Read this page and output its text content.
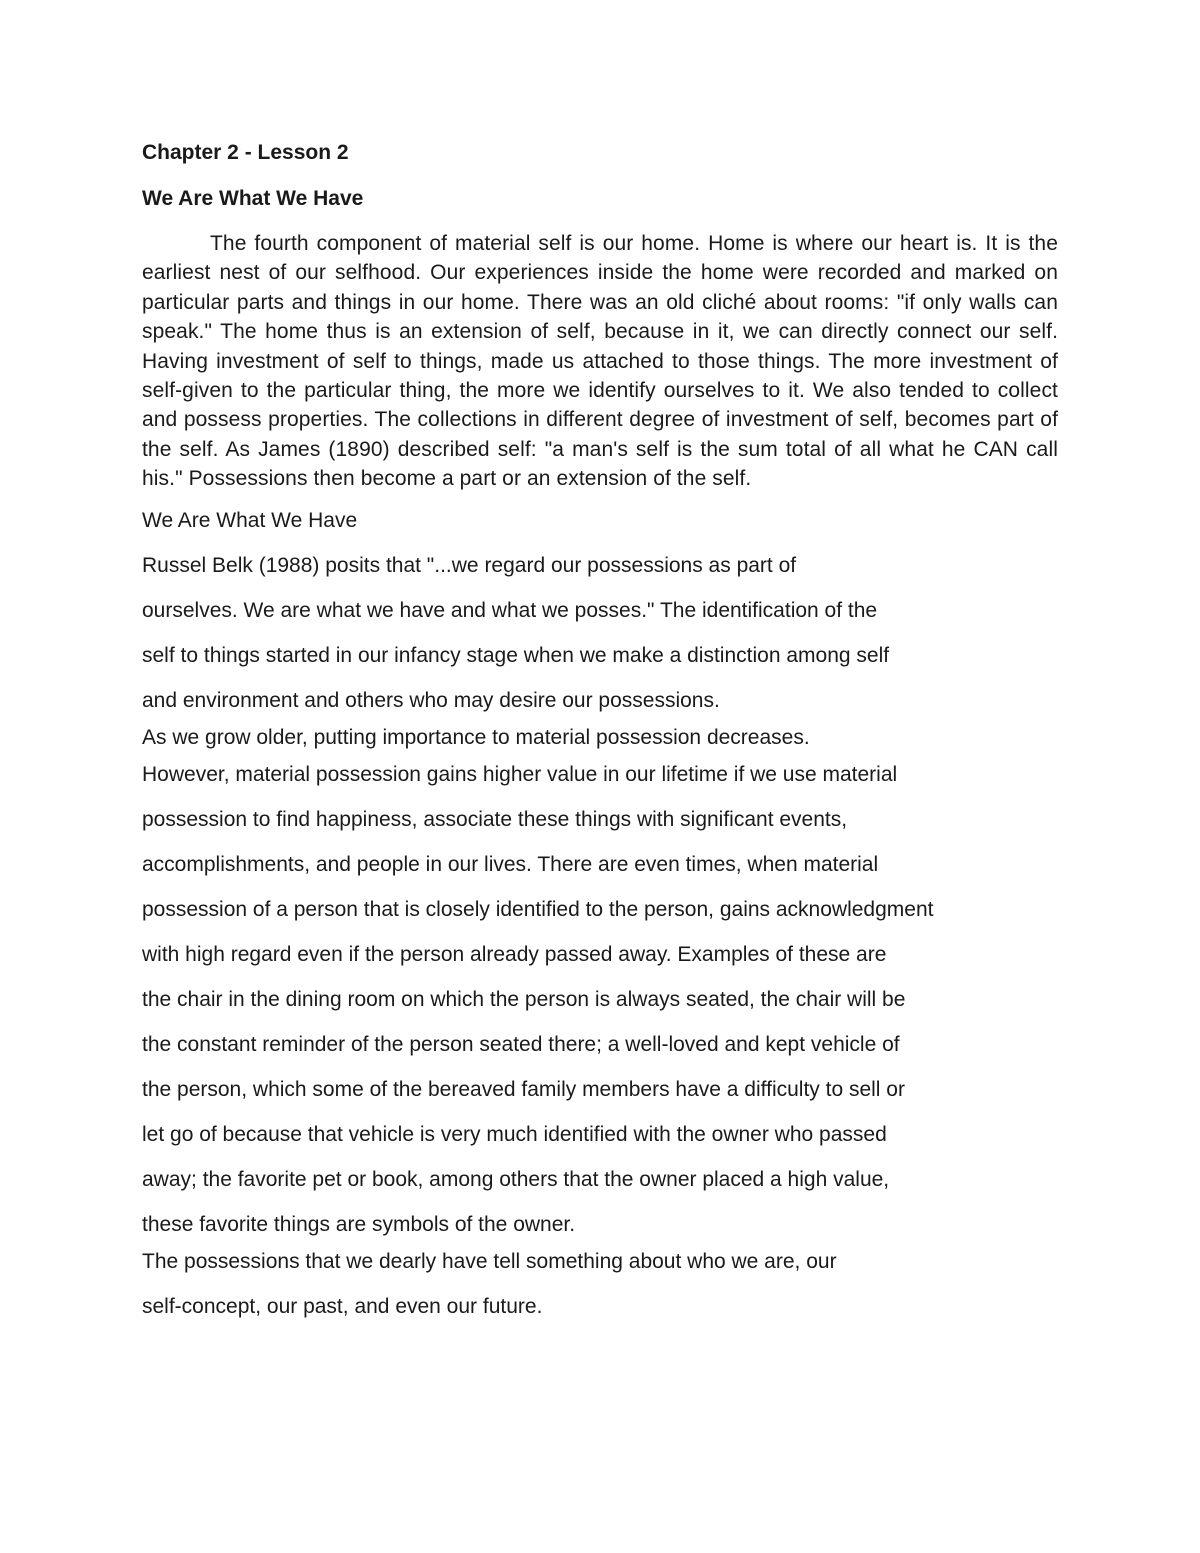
Chapter 2 - Lesson 2

We Are What We Have

The fourth component of material self is our home. Home is where our heart is. It is the earliest nest of our selfhood. Our experiences inside the home were recorded and marked on particular parts and things in our home. There was an old cliché about rooms: "if only walls can speak." The home thus is an extension of self, because in it, we can directly connect our self. Having investment of self to things, made us attached to those things. The more investment of self-given to the particular thing, the more we identify ourselves to it. We also tended to collect and possess properties. The collections in different degree of investment of self, becomes part of the self. As James (1890) described self: "a man's self is the sum total of all what he CAN call his." Possessions then become a part or an extension of the self.

We Are What We Have

Russel Belk (1988) posits that "...we regard our possessions as part of

ourselves. We are what we have and what we posses." The identification of the

self to things started in our infancy stage when we make a distinction among self

and environment and others who may desire our possessions.

As we grow older, putting importance to material possession decreases.

However, material possession gains higher value in our lifetime if we use material

possession to find happiness, associate these things with significant events,

accomplishments, and people in our lives. There are even times, when material

possession of a person that is closely identified to the person, gains acknowledgment

with high regard even if the person already passed away. Examples of these are

the chair in the dining room on which the person is always seated, the chair will be

the constant reminder of the person seated there; a well-loved and kept vehicle of

the person, which some of the bereaved family members have a difficulty to sell or

let go of because that vehicle is very much identified with the owner who passed

away; the favorite pet or book, among others that the owner placed a high value,

these favorite things are symbols of the owner.

The possessions that we dearly have tell something about who we are, our

self-concept, our past, and even our future.
